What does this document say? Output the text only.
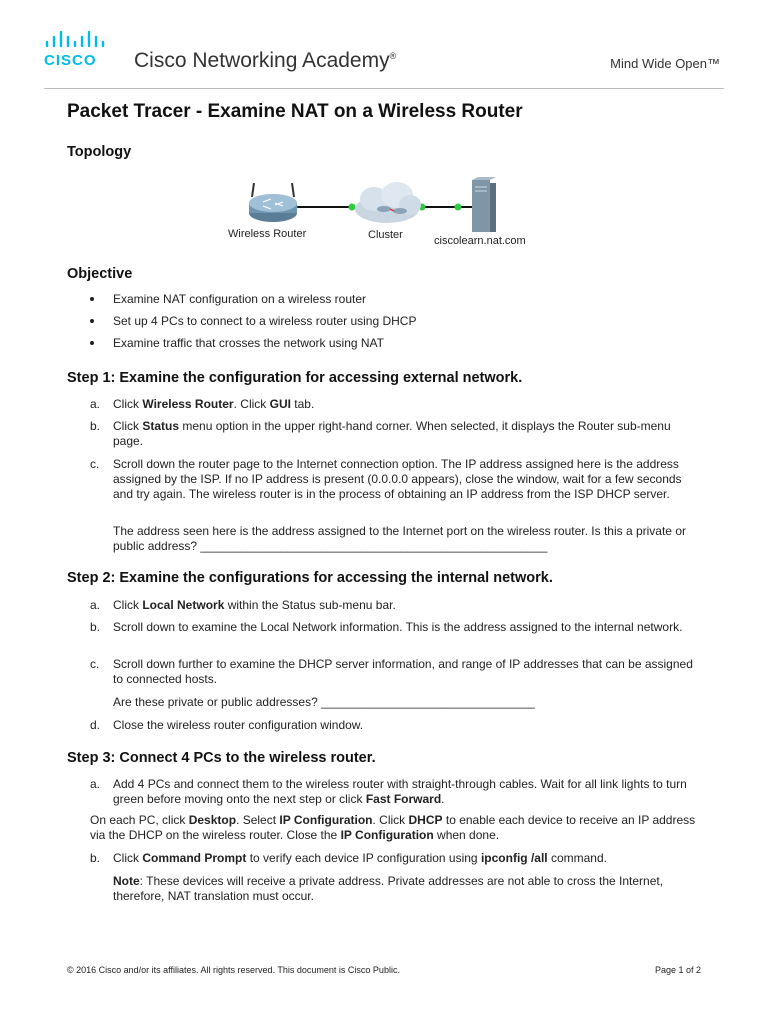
CISCO Cisco Networking Academy®	Mind Wide Open™
Packet Tracer - Examine NAT on a Wireless Router
Topology
Wireless Router	Cluster	ciscolearn.nat.com
Objective
Examine NAT configuration on a wireless router
Set up 4 PCs to connect to a wireless router using DHCP
Examine traffic that crosses the network using NAT
Step 1: Examine the configuration for accessing external network.
a. Click Wireless Router. Click GUI tab.
b. Click Status menu option in the upper right-hand corner. When selected, it displays the Router sub-menu page.
c. Scroll down the router page to the Internet connection option. The IP address assigned here is the address assigned by the ISP. If no IP address is present (0.0.0.0 appears), close the window, wait for a few seconds and try again. The wireless router is in the process of obtaining an IP address from the ISP DHCP server.
The address seen here is the address assigned to the Internet port on the wireless router. Is this a private or public address? ____________________________________________________
Step 2: Examine the configurations for accessing the internal network.
a. Click Local Network within the Status sub-menu bar.
b. Scroll down to examine the Local Network information. This is the address assigned to the internal network.
c. Scroll down further to examine the DHCP server information, and range of IP addresses that can be assigned to connected hosts.
Are these private or public addresses? ________________________________
d. Close the wireless router configuration window.
Step 3: Connect 4 PCs to the wireless router.
a. Add 4 PCs and connect them to the wireless router with straight-through cables. Wait for all link lights to turn green before moving onto the next step or click Fast Forward.
On each PC, click Desktop. Select IP Configuration. Click DHCP to enable each device to receive an IP address via the DHCP on the wireless router. Close the IP Configuration when done.
b. Click Command Prompt to verify each device IP configuration using ipconfig /all command.
Note: These devices will receive a private address. Private addresses are not able to cross the Internet, therefore, NAT translation must occur.
© 2016 Cisco and/or its affiliates. All rights reserved. This document is Cisco Public.	Page 1 of 2
